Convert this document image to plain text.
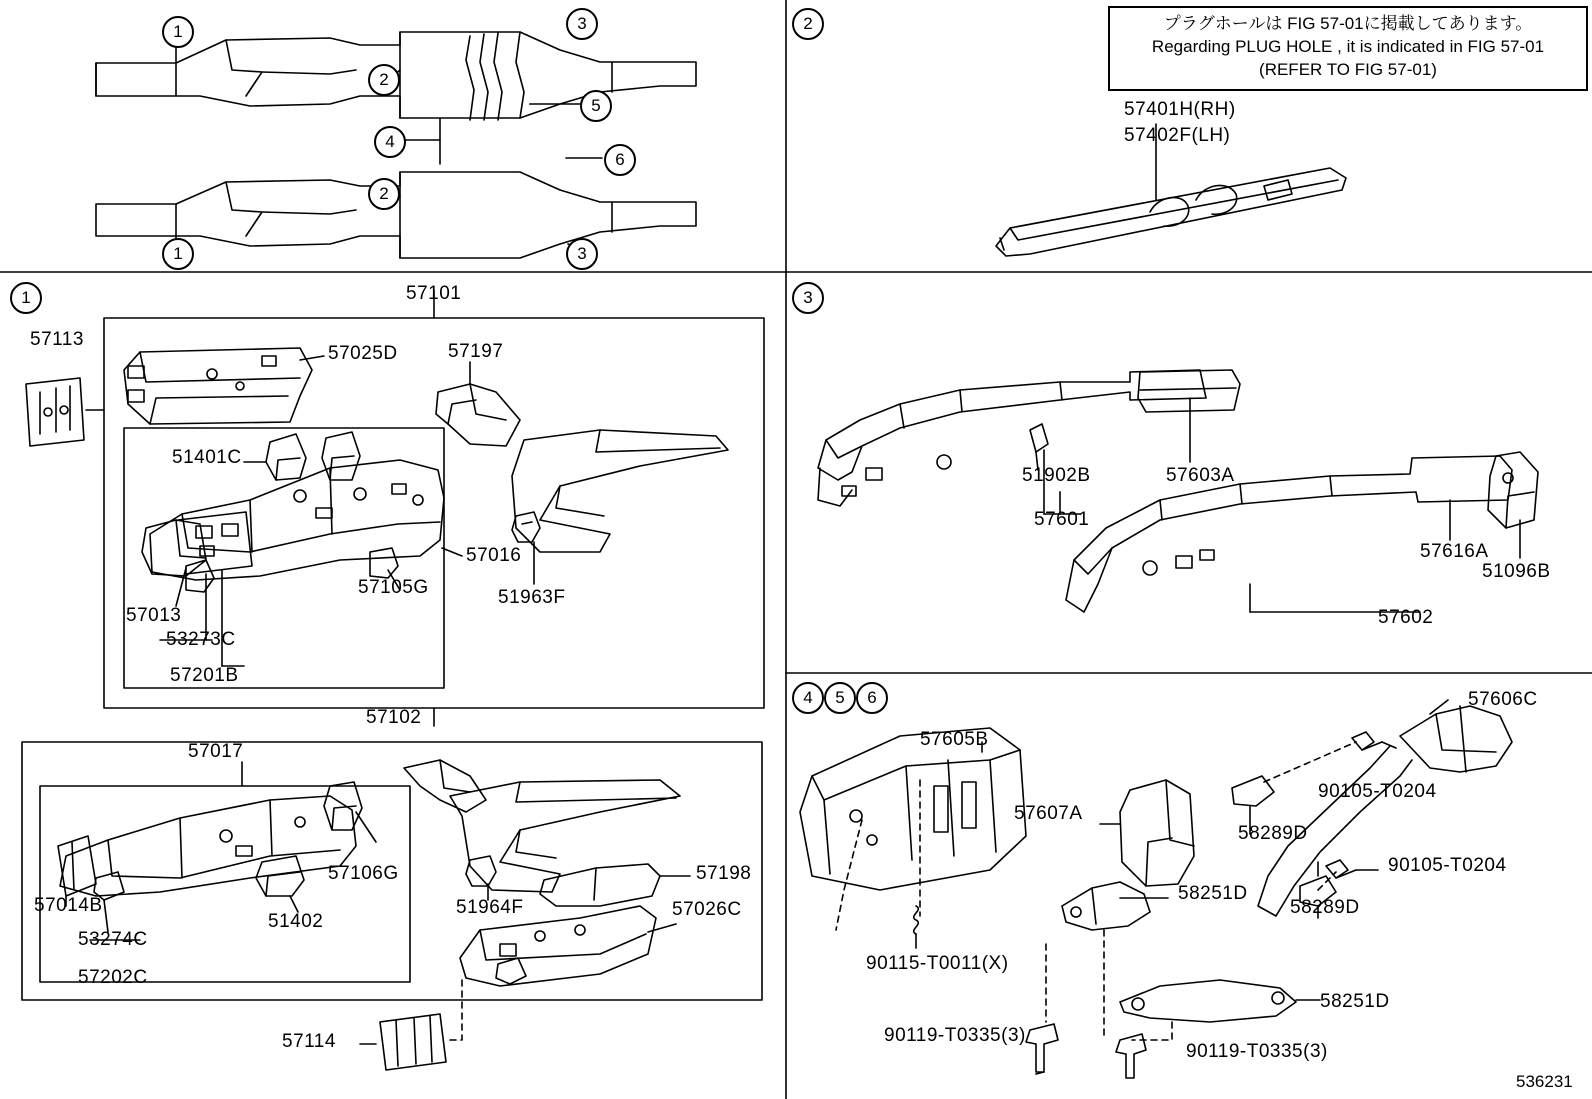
1
2
3
5
4
6
2
1	3
1
2
3
4	5	6
プラグホールは FIG 57-01に掲載してあります。
Regarding PLUG HOLE , it is indicated in FIG 57-01
(REFER TO FIG 57-01)
57401H(RH)
57402F(LH)
57101
57113
57025D	57197
51401C
57016
57105G	51963F
57013
53273C
57201B
57102
57017
57106G
51402
51964F
57198
57026C
57014B
53274C
57202C
57114
51902B	57603A
57601
57616A
51096B
57602
57605B
57606C
57607A
90105-T0204
58289D
90105-T0204
58289D
58251D
58251D
90115-T0011(X)
90119-T0335(3)
90119-T0335(3)
536231
